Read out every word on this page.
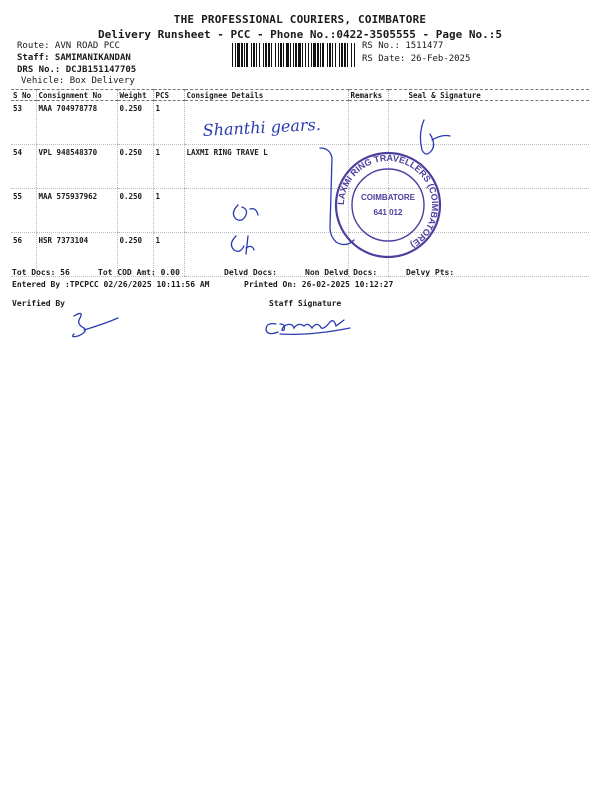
THE PROFESSIONAL COURIERS, COIMBATORE
Delivery Runsheet - PCC - Phone No.:0422-3505555 - Page No.:5
Route: AVN ROAD PCC
Staff: SAMIMANIKANDAN
DRS No.: DCJB151147705
Vehicle: Box Delivery
RS No.: 1511477
RS Date: 26-Feb-2025
S No	Consignment No	Weight	PCS	Consignee Details	Remarks	Seal & Signature
53	MAA 704978778	0.250	1			
54	VPL 948548370	0.250	1	LAXMI RING TRAVE L		
55	MAA 575937962	0.250	1			
56	HSR 7373104	0.250	1			
Tot Docs: 56	Tot COD Amt: 0.00	Delvd Docs:	Non Delvd Docs:	Delvy Pts:
Entered By :TPCPCC 02/26/2025 10:11:56 AM	Printed On: 26-02-2025 10:12:27
Verified By	Staff Signature
Shanthi gears.
COIMBATORE
641 012
LAXMI RING TRAVELLERS (COIMBATORE)
